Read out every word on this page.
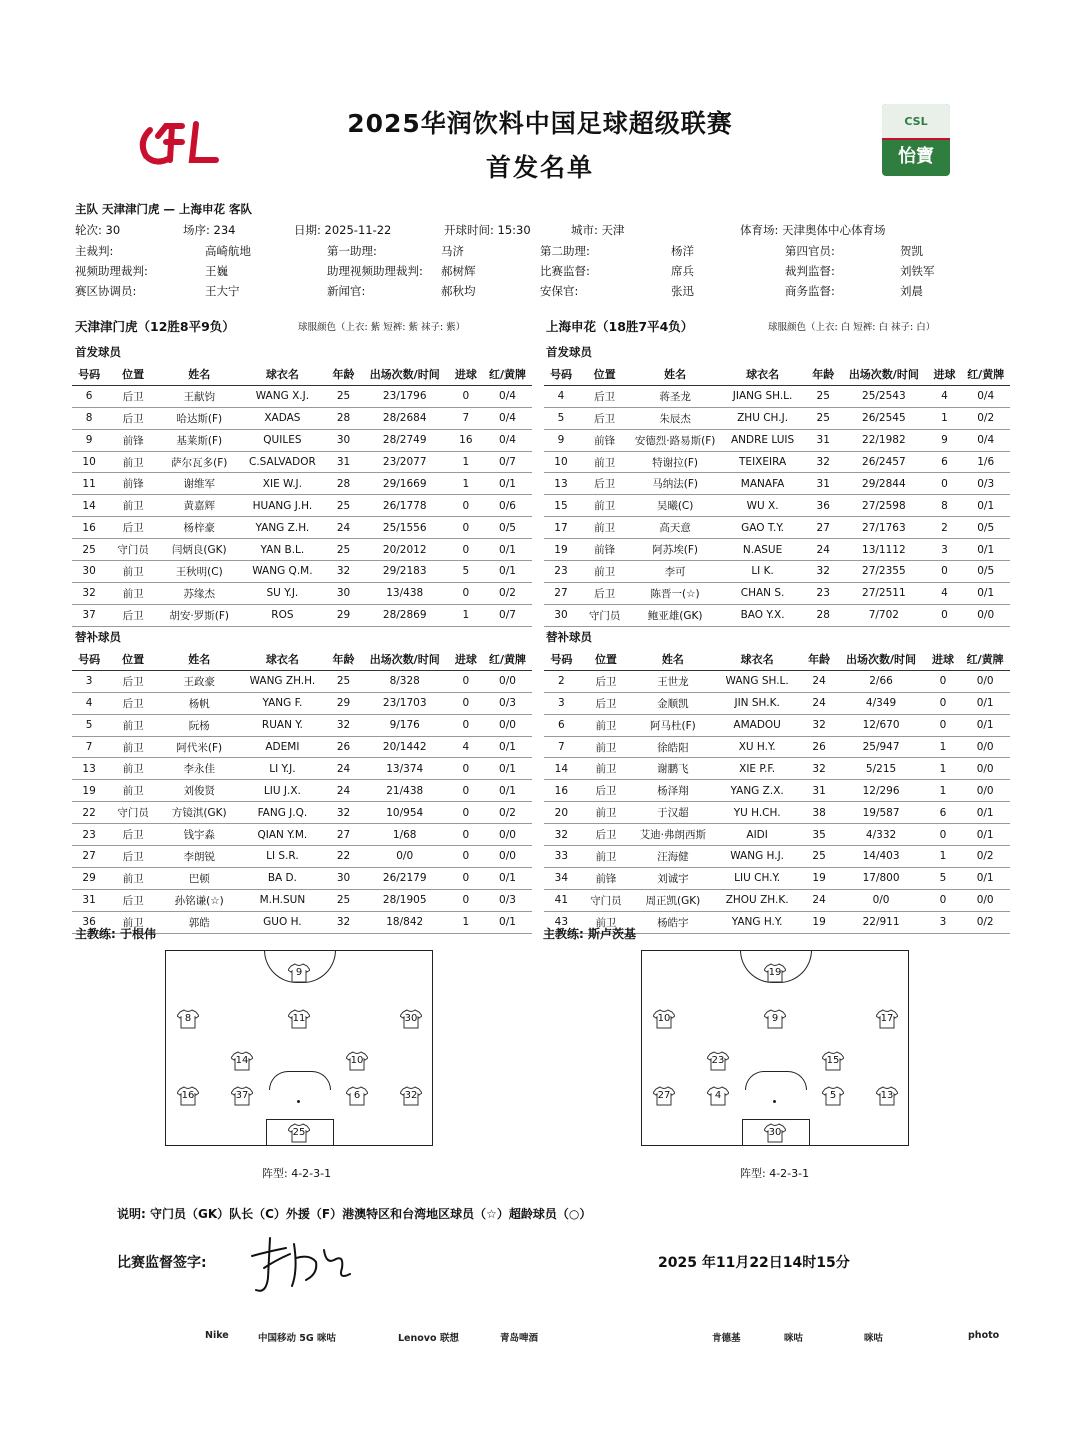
2025华润饮料中国足球超级联赛
首发名单
CSL
怡寶
主队 天津津门虎 — 上海申花 客队
轮次: 30	场序: 234	日期: 2025-11-22	开球时间: 15:30	城市: 天津	体育场: 天津奥体中心体育场
主裁判:	高崎航地	第一助理:	马济	第二助理:	杨洋	第四官员:	贺凯
视频助理裁判:	王巍	助理视频助理裁判: 郝树辉	比赛监督:	席兵	裁判监督:	刘铁军
赛区协调员:	王大宁	新闻官:	郝秋均	安保官:	张迅	商务监督:	刘晨
天津津门虎（12胜8平9负）	球服颜色（上衣: 紫 短裤: 紫 袜子: 紫）	上海申花（18胜7平4负）	球服颜色（上衣: 白 短裤: 白 袜子: 白）
首发球员	首发球员
替补球员	替补球员
号码	位置	姓名	球衣名	年龄	出场次数/时间	进球	红/黄牌
6	后卫	王献钧	WANG X.J.	25	23/1796	0	0/4
8	后卫	哈达斯(F)	XADAS	28	28/2684	7	0/4
9	前锋	基莱斯(F)	QUILES	30	28/2749	16	0/4
10	前卫	萨尔瓦多(F)	C.SALVADOR	31	23/2077	1	0/7
11	前锋	谢维军	XIE W.J.	28	29/1669	1	0/1
14	前卫	黄嘉辉	HUANG J.H.	25	26/1778	0	0/6
16	后卫	杨梓豪	YANG Z.H.	24	25/1556	0	0/5
25	守门员	闫炳良(GK)	YAN B.L.	25	20/2012	0	0/1
30	前卫	王秋明(C)	WANG Q.M.	32	29/2183	5	0/1
32	前卫	苏缘杰	SU Y.J.	30	13/438	0	0/2
37	后卫	胡安·罗斯(F)	ROS	29	28/2869	1	0/7
号码	位置	姓名	球衣名	年龄	出场次数/时间	进球	红/黄牌
4	后卫	蒋圣龙	JIANG SH.L.	25	25/2543	4	0/4
5	后卫	朱辰杰	ZHU CH.J.	25	26/2545	1	0/2
9	前锋	安德烈·路易斯(F)	ANDRE LUIS	31	22/1982	9	0/4
10	前卫	特谢拉(F)	TEIXEIRA	32	26/2457	6	1/6
13	后卫	马纳法(F)	MANAFA	31	29/2844	0	0/3
15	前卫	吴曦(C)	WU X.	36	27/2598	8	0/1
17	前卫	高天意	GAO T.Y.	27	27/1763	2	0/5
19	前锋	阿苏埃(F)	N.ASUE	24	13/1112	3	0/1
23	前卫	李可	LI K.	32	27/2355	0	0/5
27	后卫	陈晋一(☆)	CHAN S.	23	27/2511	4	0/1
30	守门员	鲍亚雄(GK)	BAO Y.X.	28	7/702	0	0/0
号码	位置	姓名	球衣名	年龄	出场次数/时间	进球	红/黄牌
3	后卫	王政豪	WANG ZH.H.	25	8/328	0	0/0
4	后卫	杨帆	YANG F.	29	23/1703	0	0/3
5	前卫	阮杨	RUAN Y.	32	9/176	0	0/0
7	前卫	阿代米(F)	ADEMI	26	20/1442	4	0/1
13	前卫	李永佳	LI Y.J.	24	13/374	0	0/1
19	前卫	刘俊贤	LIU J.X.	24	21/438	0	0/1
22	守门员	方镜淇(GK)	FANG J.Q.	32	10/954	0	0/2
23	后卫	钱宇淼	QIAN Y.M.	27	1/68	0	0/0
27	后卫	李朗锐	LI S.R.	22	0/0	0	0/0
29	前卫	巴顿	BA D.	30	26/2179	0	0/1
31	后卫	孙铭谦(☆)	M.H.SUN	25	28/1905	0	0/3
36	前卫	郭皓	GUO H.	32	18/842	1	0/1
号码	位置	姓名	球衣名	年龄	出场次数/时间	进球	红/黄牌
2	后卫	王世龙	WANG SH.L.	24	2/66	0	0/0
3	后卫	金顺凯	JIN SH.K.	24	4/349	0	0/1
6	前卫	阿马杜(F)	AMADOU	32	12/670	0	0/1
7	前卫	徐皓阳	XU H.Y.	26	25/947	1	0/0
14	前卫	谢鹏飞	XIE P.F.	32	5/215	1	0/0
16	后卫	杨泽翔	YANG Z.X.	31	12/296	1	0/0
20	前卫	于汉超	YU H.CH.	38	19/587	6	0/1
32	后卫	艾迪·弗朗西斯	AIDI	35	4/332	0	0/1
33	前卫	汪海健	WANG H.J.	25	14/403	1	0/2
34	前锋	刘诚宇	LIU CH.Y.	19	17/800	5	0/1
41	守门员	周正凯(GK)	ZHOU ZH.K.	24	0/0	0	0/0
43	前卫	杨皓宇	YANG H.Y.	19	22/911	3	0/2
主教练: 于根伟	主教练: 斯卢茨基
9
8	11	30
14	10
16	37	6	32
25
19
10	9	17
23	15
27	4	5	13
30
阵型: 4-2-3-1	阵型: 4-2-3-1
说明: 守门员（GK）队长（C）外援（F）港澳特区和台湾地区球员（☆）超龄球员（○）
比赛监督签字:	2025 年11月22日14时15分
Nike	中国移动 5G 咪咕	Lenovo 联想	青岛啤酒	肯德基	咪咕	咪咕	photo
